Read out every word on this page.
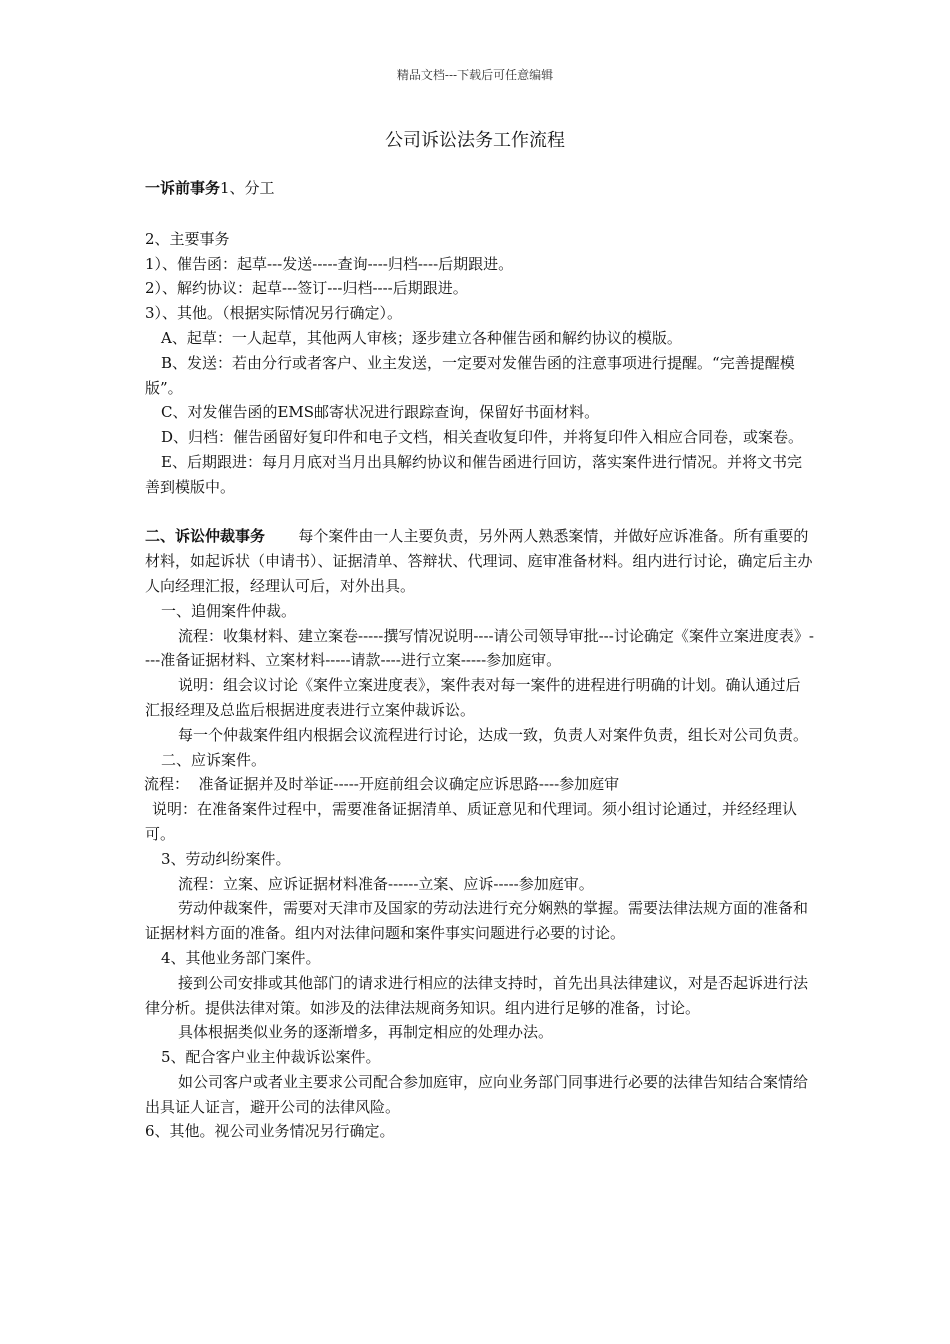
精品文档---下载后可任意编辑
公司诉讼法务工作流程

一诉前事务1、分工

2、主要事务

1）、催告函：起草---发送-----查询----归档----后期跟进。

2）、解约协议：起草---签订---归档----后期跟进。

3）、其他。（根据实际情况另行确定）。

A、起草：一人起草，其他两人审核；逐步建立各种催告函和解约协议的模版。

B、发送：若由分行或者客户、业主发送，一定要对发催告函的注意事项进行提醒。“完善提醒模版”。

C、对发催告函的EMS邮寄状况进行跟踪查询，保留好书面材料。

D、归档：催告函留好复印件和电子文档，相关查收复印件，并将复印件入相应合同卷，或案卷。

E、后期跟进：每月月底对当月出具解约协议和催告函进行回访，落实案件进行情况。并将文书完善到模版中。

二、诉讼仲裁事务 每个案件由一人主要负责，另外两人熟悉案情，并做好应诉准备。所有重要的材料，如起诉状（申请书）、证据清单、答辩状、代理词、庭审准备材料。组内进行讨论，确定后主办人向经理汇报，经理认可后，对外出具。

一、追佣案件仲裁。

流程：收集材料、建立案卷-----撰写情况说明----请公司领导审批---讨论确定《案件立案进度表》----准备证据材料、立案材料-----请款----进行立案-----参加庭审。

说明：组会议讨论《案件立案进度表》，案件表对每一案件的进程进行明确的计划。确认通过后汇报经理及总监后根据进度表进行立案仲裁诉讼。

每一个仲裁案件组内根据会议流程进行讨论，达成一致，负责人对案件负责，组长对公司负责。

二、应诉案件。

流程：  准备证据并及时举证-----开庭前组会议确定应诉思路----参加庭审

说明：在准备案件过程中，需要准备证据清单、质证意见和代理词。须小组讨论通过，并经经理认可。

3、劳动纠纷案件。

流程：立案、应诉证据材料准备------立案、应诉-----参加庭审。

劳动仲裁案件，需要对天津市及国家的劳动法进行充分娴熟的掌握。需要法律法规方面的准备和证据材料方面的准备。组内对法律问题和案件事实问题进行必要的讨论。

4、其他业务部门案件。

接到公司安排或其他部门的请求进行相应的法律支持时，首先出具法律建议，对是否起诉进行法律分析。提供法律对策。如涉及的法律法规商务知识。组内进行足够的准备，讨论。

具体根据类似业务的逐渐增多，再制定相应的处理办法。

5、配合客户业主仲裁诉讼案件。

如公司客户或者业主要求公司配合参加庭审，应向业务部门同事进行必要的法律告知结合案情给出具证人证言，避开公司的法律风险。

6、其他。视公司业务情况另行确定。
